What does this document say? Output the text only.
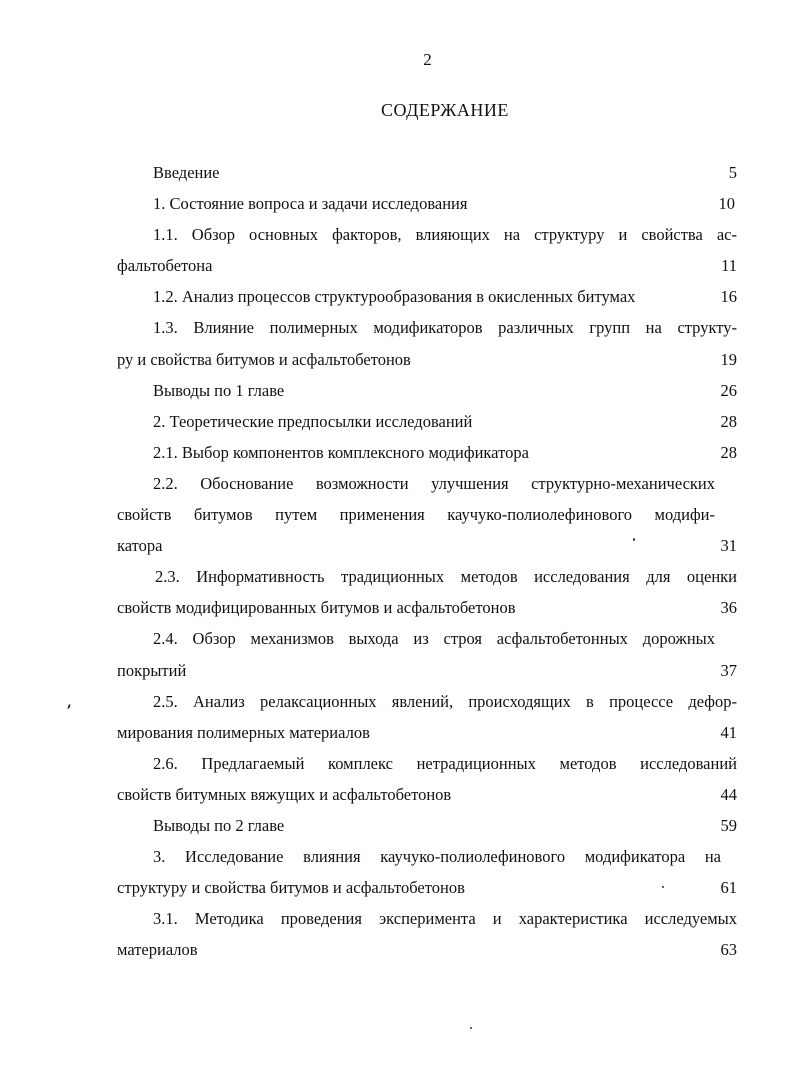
2
СОДЕРЖАНИЕ
Введение	5
1. Состояние вопроса и задачи исследования	10
1.1. Обзор основных факторов, влияющих на структуру и свойства ас-
фальтобетона	11
1.2. Анализ процессов структурообразования в окисленных битумах	16
1.3. Влияние полимерных модификаторов различных групп на структу-
ру и свойства битумов и асфальтобетонов	19
Выводы по 1 главе	26
2. Теоретические предпосылки исследований	28
2.1. Выбор компонентов комплексного модификатора	28
2.2. Обоснование возможности улучшения структурно-механических
свойств битумов путем применения каучуко-полиолефинового модифи-
катора	31
2.3. Информативность традиционных методов исследования для оценки
свойств модифицированных битумов и асфальтобетонов	36
2.4. Обзор механизмов выхода из строя асфальтобетонных дорожных
покрытий	37
2.5. Анализ релаксационных явлений, происходящих в процессе дефор-
мирования полимерных материалов	41
2.6. Предлагаемый комплекс нетрадиционных методов исследований
свойств битумных вяжущих и асфальтобетонов	44
Выводы по 2 главе	59
3. Исследование влияния каучуко-полиолефинового модификатора на
структуру и свойства битумов и асфальтобетонов	61
3.1. Методика проведения эксперимента и характеристика исследуемых
материалов	63
